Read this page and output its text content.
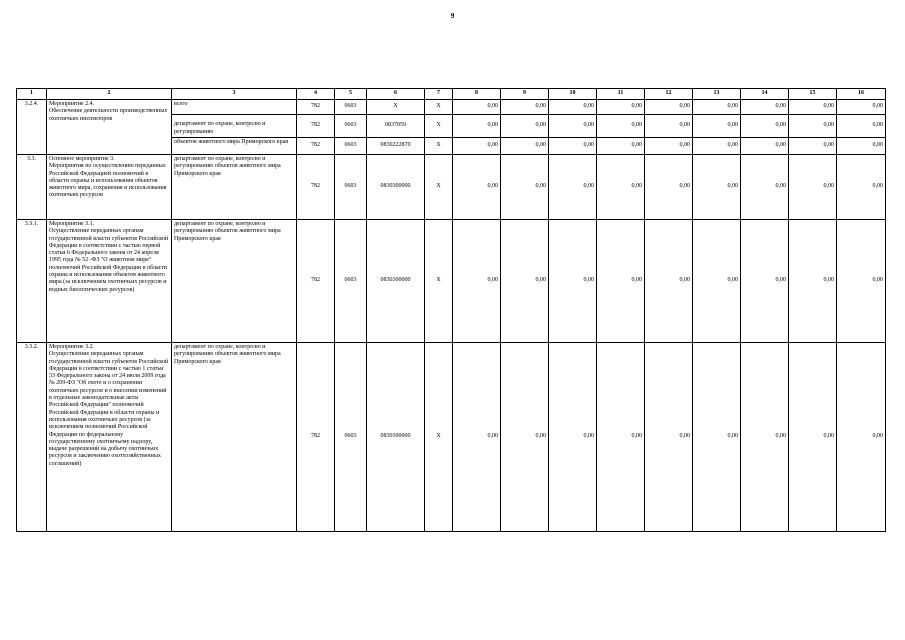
9
1	2	3	4	5	6	7	8	9	10	11	12	13	14	15	16
3.2.4.	Мероприятие 2.4.
Обеспечение деятельности производственных охотничьих инспекторов	всего	782	0603	X	X	0,00	0,00	0,00	0,00	0,00	0,00	0,00	0,00	0,00
		департамент по охране, контролю и регулированию	782	0603	0837059	X	0,00	0,00	0,00	0,00	0,00	0,00	0,00	0,00	0,00
		объектов животного мира Приморского края	782	0603	0830222870	X	0,00	0,00	0,00	0,00	0,00	0,00	0,00	0,00	0,00
3.3.	Основное мероприятие 3.
Мероприятия по осуществлению переданных Российской Федерацией полномочий в области охраны и использования объектов животного мира, сохранения и использования охотничьих ресурсов	департамент по охране, контролю и регулированию объектов животного мира Приморского края	782	0603	0830300000	X	0,00	0,00	0,00	0,00	0,00	0,00	0,00	0,00	0,00
3.3.1.	Мероприятие 3.1.
Осуществление переданных органам государственной власти субъектов Российской Федерации в соответствии с частью первой статьи 6 Федерального закона от 24 апреля 1995 года № 52 -ФЗ "О животном мире" полномочий Российской Федерации в области охраны и использования объектов животного мира (за исключением охотничьих ресурсов и водных биологических ресурсов)	департамент по охране, контролю и регулированию объектов животного мира Приморского края	782	0603	0830300000	X	0,00	0,00	0,00	0,00	0,00	0,00	0,00	0,00	0,00
3.3.2.	Мероприятие 3.2.
Осуществление переданных органам государственной власти субъектов Российской Федерации в соответствии с частью 1 статьи 33 Федерального закона от 24 июля 2009 года № 209-ФЗ "Об охоте и о сохранении охотничьих ресурсов и о внесении изменений в отдельные законодательные акты Российской Федерации" полномочий Российской Федерации в области охраны и использования охотничьих ресурсов (за исключением полномочий Российской Федерации по федеральному государственному охотничьему надзору, выдаче разрешений на добычу охотничьих ресурсов и заключению охотхозяйственных соглашений)	департамент по охране, контролю и регулированию объектов животного мира Приморского края	782	0603	0830300000	X	0,00	0,00	0,00	0,00	0,00	0,00	0,00	0,00	0,00
